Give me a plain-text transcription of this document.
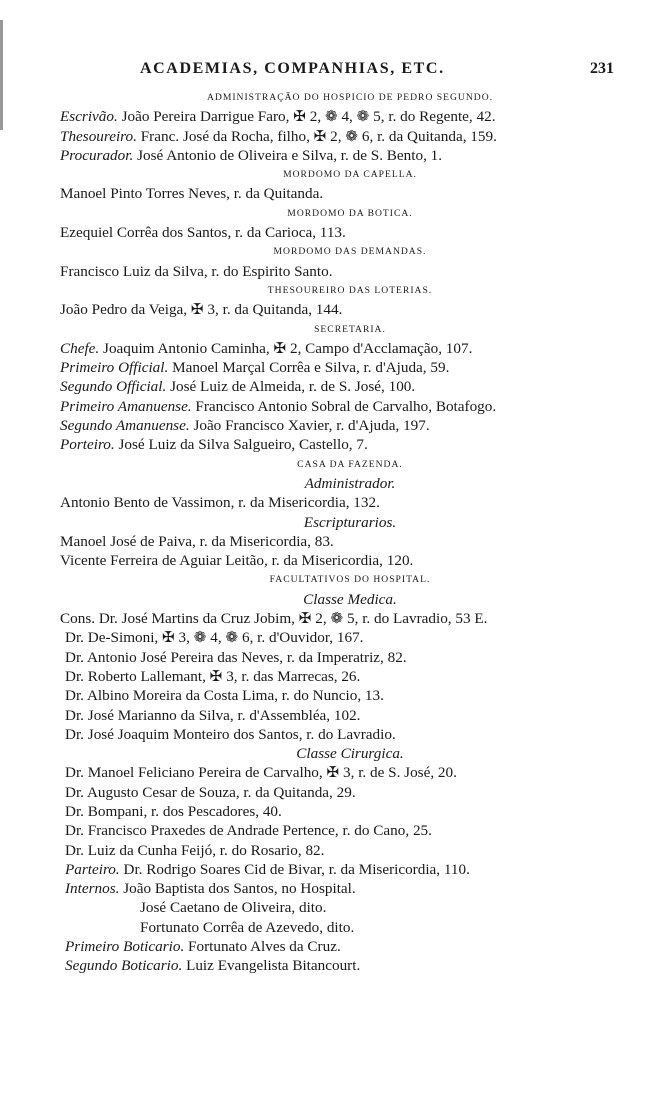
ACADEMIAS, COMPANHIAS, ETC.	231
ADMINISTRAÇÃO DO HOSPICIO DE PEDRO SEGUNDO.
Escrivão. João Pereira Darrigue Faro, ✠ 2, ❁ 4, ❁ 5, r. do Regente, 42.
Thesoureiro. Franc. José da Rocha, filho, ✠ 2, ❁ 6, r. da Quitanda, 159.
Procurador. José Antonio de Oliveira e Silva, r. de S. Bento, 1.
MORDOMO DA CAPELLA.
Manoel Pinto Torres Neves, r. da Quitanda.
MORDOMO DA BOTICA.
Ezequiel Corrêa dos Santos, r. da Carioca, 113.
MORDOMO DAS DEMANDAS.
Francisco Luiz da Silva, r. do Espirito Santo.
THESOUREIRO DAS LOTERIAS.
João Pedro da Veiga, ✠ 3, r. da Quitanda, 144.
SECRETARIA.
Chefe. Joaquim Antonio Caminha, ✠ 2, Campo d'Acclamação, 107.
Primeiro Official. Manoel Marçal Corrêa e Silva, r. d'Ajuda, 59.
Segundo Official. José Luiz de Almeida, r. de S. José, 100.
Primeiro Amanuense. Francisco Antonio Sobral de Carvalho, Botafogo.
Segundo Amanuense. João Francisco Xavier, r. d'Ajuda, 197.
Porteiro. José Luiz da Silva Salgueiro, Castello, 7.
CASA DA FAZENDA.
Administrador.
Antonio Bento de Vassimon, r. da Misericordia, 132.
Escripturarios.
Manoel José de Paiva, r. da Misericordia, 83.
Vicente Ferreira de Aguiar Leitão, r. da Misericordia, 120.
FACULTATIVOS DO HOSPITAL.
Classe Medica.
Cons. Dr. José Martins da Cruz Jobim, ✠ 2, ❁ 5, r. do Lavradio, 53 E.
Dr. De-Simoni, ✠ 3, ❁ 4, ❁ 6, r. d'Ouvidor, 167.
Dr. Antonio José Pereira das Neves, r. da Imperatriz, 82.
Dr. Roberto Lallemant, ✠ 3, r. das Marrecas, 26.
Dr. Albino Moreira da Costa Lima, r. do Nuncio, 13.
Dr. José Marianno da Silva, r. d'Assembléa, 102.
Dr. José Joaquim Monteiro dos Santos, r. do Lavradio.
Classe Cirurgica.
Dr. Manoel Feliciano Pereira de Carvalho, ✠ 3, r. de S. José, 20.
Dr. Augusto Cesar de Souza, r. da Quitanda, 29.
Dr. Bompani, r. dos Pescadores, 40.
Dr. Francisco Praxedes de Andrade Pertence, r. do Cano, 25.
Dr. Luiz da Cunha Feijó, r. do Rosario, 82.
Parteiro. Dr. Rodrigo Soares Cid de Bivar, r. da Misericordia, 110.
Internos. João Baptista dos Santos, no Hospital.
José Caetano de Oliveira, dito.
Fortunato Corrêa de Azevedo, dito.
Primeiro Boticario. Fortunato Alves da Cruz.
Segundo Boticario. Luiz Evangelista Bitancourt.
